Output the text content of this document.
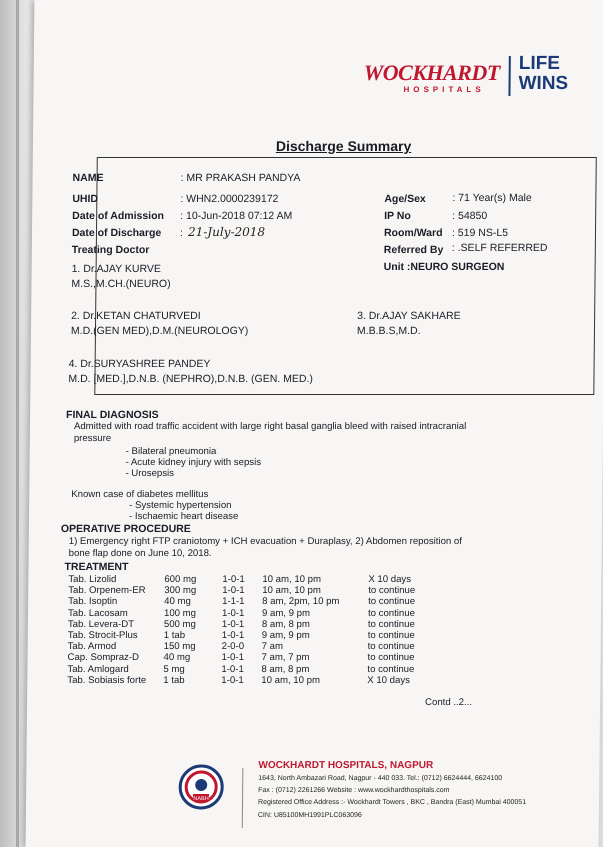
WOCKHARDT
HOSPITALS
LIFE
WINS
Discharge Summary
NAME	: MR PRAKASH PANDYA
UHID	: WHN2.0000239172
Date of Admission : 10-Jun-2018 07:12 AM
Date of Discharge : 21-July-2018
Treating Doctor
Age/Sex	: 71 Year(s) Male
IP No	: 54850
Room/Ward : 519 NS-L5
Referred By : .SELF REFERRED
Unit :NEURO SURGEON
1. Dr.AJAY KURVE
M.S.,M.CH.(NEURO)
2. Dr.KETAN CHATURVEDI
M.D.(GEN MED),D.M.(NEUROLOGY)
3. Dr.AJAY SAKHARE
M.B.B.S,M.D.
4. Dr.SURYASHREE PANDEY
M.D. [MED.],D.N.B. (NEPHRO),D.N.B. (GEN. MED.)
FINAL DIAGNOSIS
Admitted with road traffic accident with large right basal ganglia bleed with raised intracranial
pressure
- Bilateral pneumonia
- Acute kidney injury with sepsis
- Urosepsis
Known case of diabetes mellitus
- Systemic hypertension
- Ischaemic heart disease
OPERATIVE PROCEDURE
1) Emergency right FTP craniotomy + ICH evacuation + Duraplasy, 2) Abdomen reposition of
bone flap done on June 10, 2018.
TREATMENT
Tab. Lizolid	600 mg	1-0-1 10 am, 10 pm	X 10 days
Tab. Orpenem-ER 300 mg	1-0-1 10 am, 10 pm	to continue
Tab. Isoptin	40 mg	1-1-1 8 am, 2pm, 10 pm	to continue
Tab. Lacosam	100 mg	1-0-1 9 am, 9 pm	to continue
Tab. Levera-DT	500 mg	1-0-1 8 am, 8 pm	to continue
Tab. Strocit-Plus	1 tab	1-0-1 9 am, 9 pm	to continue
Tab. Armod	150 mg	2-0-0 7 am	to continue
Cap. Sompraz-D	40 mg	1-0-1 7 am, 7 pm	to continue
Tab. Amlogard	5 mg	1-0-1 8 am, 8 pm	to continue
Tab. Sobiasis forte 1 tab	1-0-1 10 am, 10 pm	X 10 days
Contd ..2...
NABH
WOCKHARDT HOSPITALS, NAGPUR
1643, North Ambazari Road, Nagpur - 440 033. Tel.: (0712) 6624444, 6624100
Fax : (0712) 2261266 Website : www.wockhardthospitals.com
Registered Office Address :- Wockhardt Towers , BKC , Bandra (East) Mumbai 400051
CIN: U85100MH1991PLC063096
